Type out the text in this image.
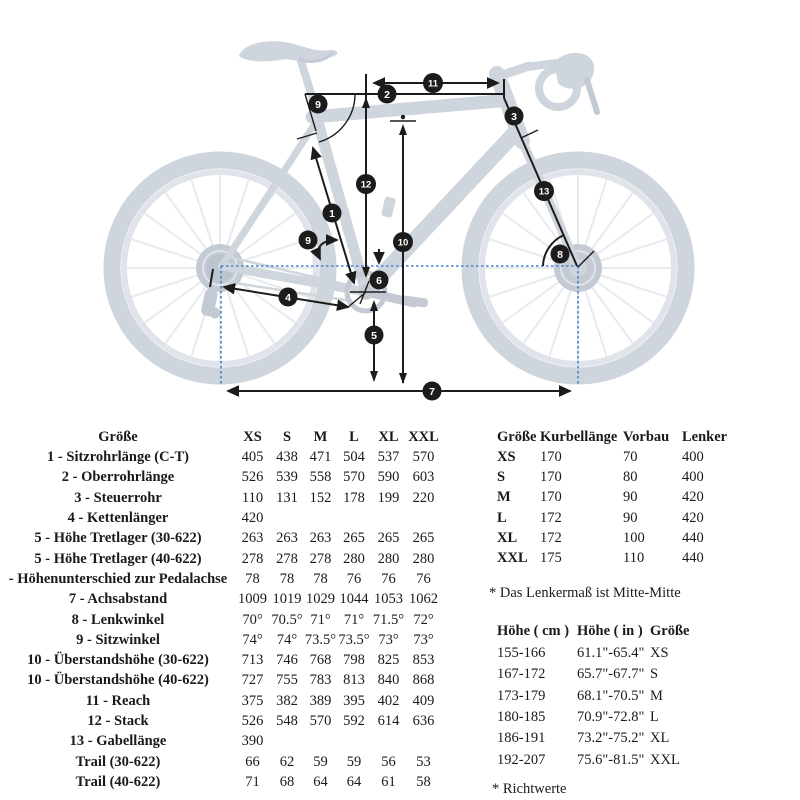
1
2
3
4
5
6
7
8
9
9	10
11
12
13
Größe	XS	S	M	L	XL XXL
1 - Sitzrohrlänge (C-T)	405 438 471 504 537 570
2 - Oberrohrlänge	526 539 558 570 590 603
3 - Steuerrohr	110 131 152 178 199 220
4 - Kettenlänger	420
5 - Höhe Tretlager (30-622)	263 263 263 265 265 265
5 - Höhe Tretlager (40-622)	278 278 278 280 280 280
- Höhenunterschied zur Pedalachse	78	78	78	76	76	76
7 - Achsabstand	1009 1019 1029 1044 1053 1062
8 - Lenkwinkel	70° 70.5° 71° 71° 71.5° 72°
9 - Sitzwinkel	74° 74° 73.5° 73.5° 73°	73°
10 - Überstandshöhe (30-622)	713 746 768 798 825 853
10 - Überstandshöhe (40-622)	727 755 783 813 840 868
11 - Reach	375 382 389 395 402 409
12 - Stack	526 548 570 592 614 636
13 - Gabellänge	390
Trail (30-622)	66	62	59	59	56	53
Trail (40-622)	71	68	64	64	61	58
Größe Kurbellänge Vorbau Lenker
XS	170	70	400
S	170	80	400
M	170	90	420
L	172	90	420
XL	172	100	440
XXL 175	110	440
* Das Lenkermaß ist Mitte-Mitte
Höhe ( cm ) Höhe ( in ) Größe
155-166	61.1"-65.4" XS
167-172	65.7"-67.7" S
173-179	68.1"-70.5" M
180-185	70.9"-72.8" L
186-191	73.2"-75.2" XL
192-207	75.6"-81.5" XXL
* Richtwerte
